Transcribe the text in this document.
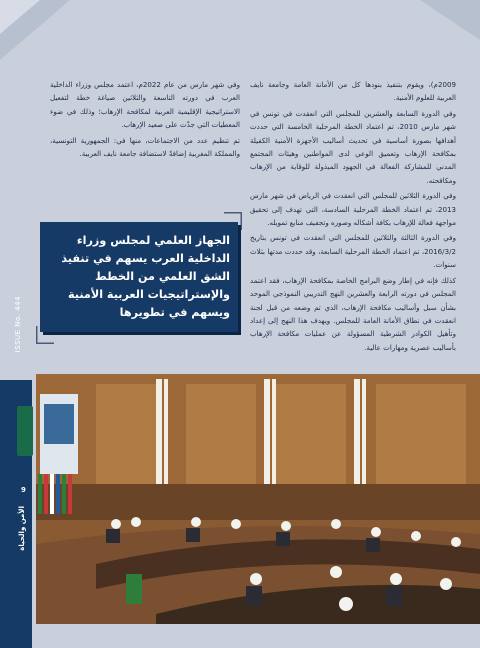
2009م)، ويقوم بتنفيذ بنودها كل من الأمانة العامة وجامعة نايف العربية للعلوم الأمنية.

وفي الدورة السابعة والعشرين للمجلس التي انعقدت في تونس في شهر مارس 2010، تم اعتماد الخطة المرحلية الخامسة التي حددت أهدافها بصورة أساسية في تحديث أساليب الأجهزة الأمنية الكفيلة بمكافحة الإرهاب وتعميق الوعي لدى المواطنين وهيئات المجتمع المدني للمشاركة الفعالة في الجهود المبذولة للوقاية من الإرهاب ومكافحته.

وفي الدورة الثلاثين للمجلس التي انعقدت في الرياض في شهر مارس 2013، تم اعتماد الخطة المرحلية السادسة، التي تهدف إلى تحقيق مواجهة فعالة للإرهاب بكافة أشكاله وصوره وتجفيف منابع تمويله.

وفي الدورة الثالثة والثلاثين للمجلس التي انعقدت في تونس بتاريخ 2016/3/2، تم اعتماد الخطة المرحلية السابعة، وقد حددت مدتها بثلاث سنوات.

كذلك فإنه في إطار وضع البرامج الخاصة بمكافحة الإرهاب، فقد اعتمد المجلس في دورته الرابعة والعشرين النهج التدريبي النموذجي الموحد بشأن سبل وأساليب مكافحة الإرهاب، الذي تم وضعه من قبل لجنة انعقدت في نطاق الأمانة العامة للمجلس. ويهدف هذا النهج إلى إعداد وتأهيل الكوادر الشرطية المسؤولة عن عمليات مكافحة الإرهاب بأساليب عصرية ومهارات عالية.

وفي شهر مارس من عام 2022م، اعتمد مجلس وزراء الداخلية العرب في دورته التاسعة والثلاثين صياغة خطة لتفعيل الاستراتيجية الإقليمية العربية لمكافحة الإرهاب؛ وذلك في ضوء المعطيات التي جدّت على صعيد الإرهاب.

تم تنظيم عدد من الاجتماعات، منها في: الجمهورية التونسية، والمملكة المغربية إضافةً لاستضافة جامعة نايف العربية.

الجهاز العلمي لمجلس وزراء الداخلية العرب يسهم في تنفيذ الشق العلمي من الخطط والإستراتيجيات العربية الأمنية ويسهم في تطويرها
ISSUE No. 444
9
الأمن والحياة
